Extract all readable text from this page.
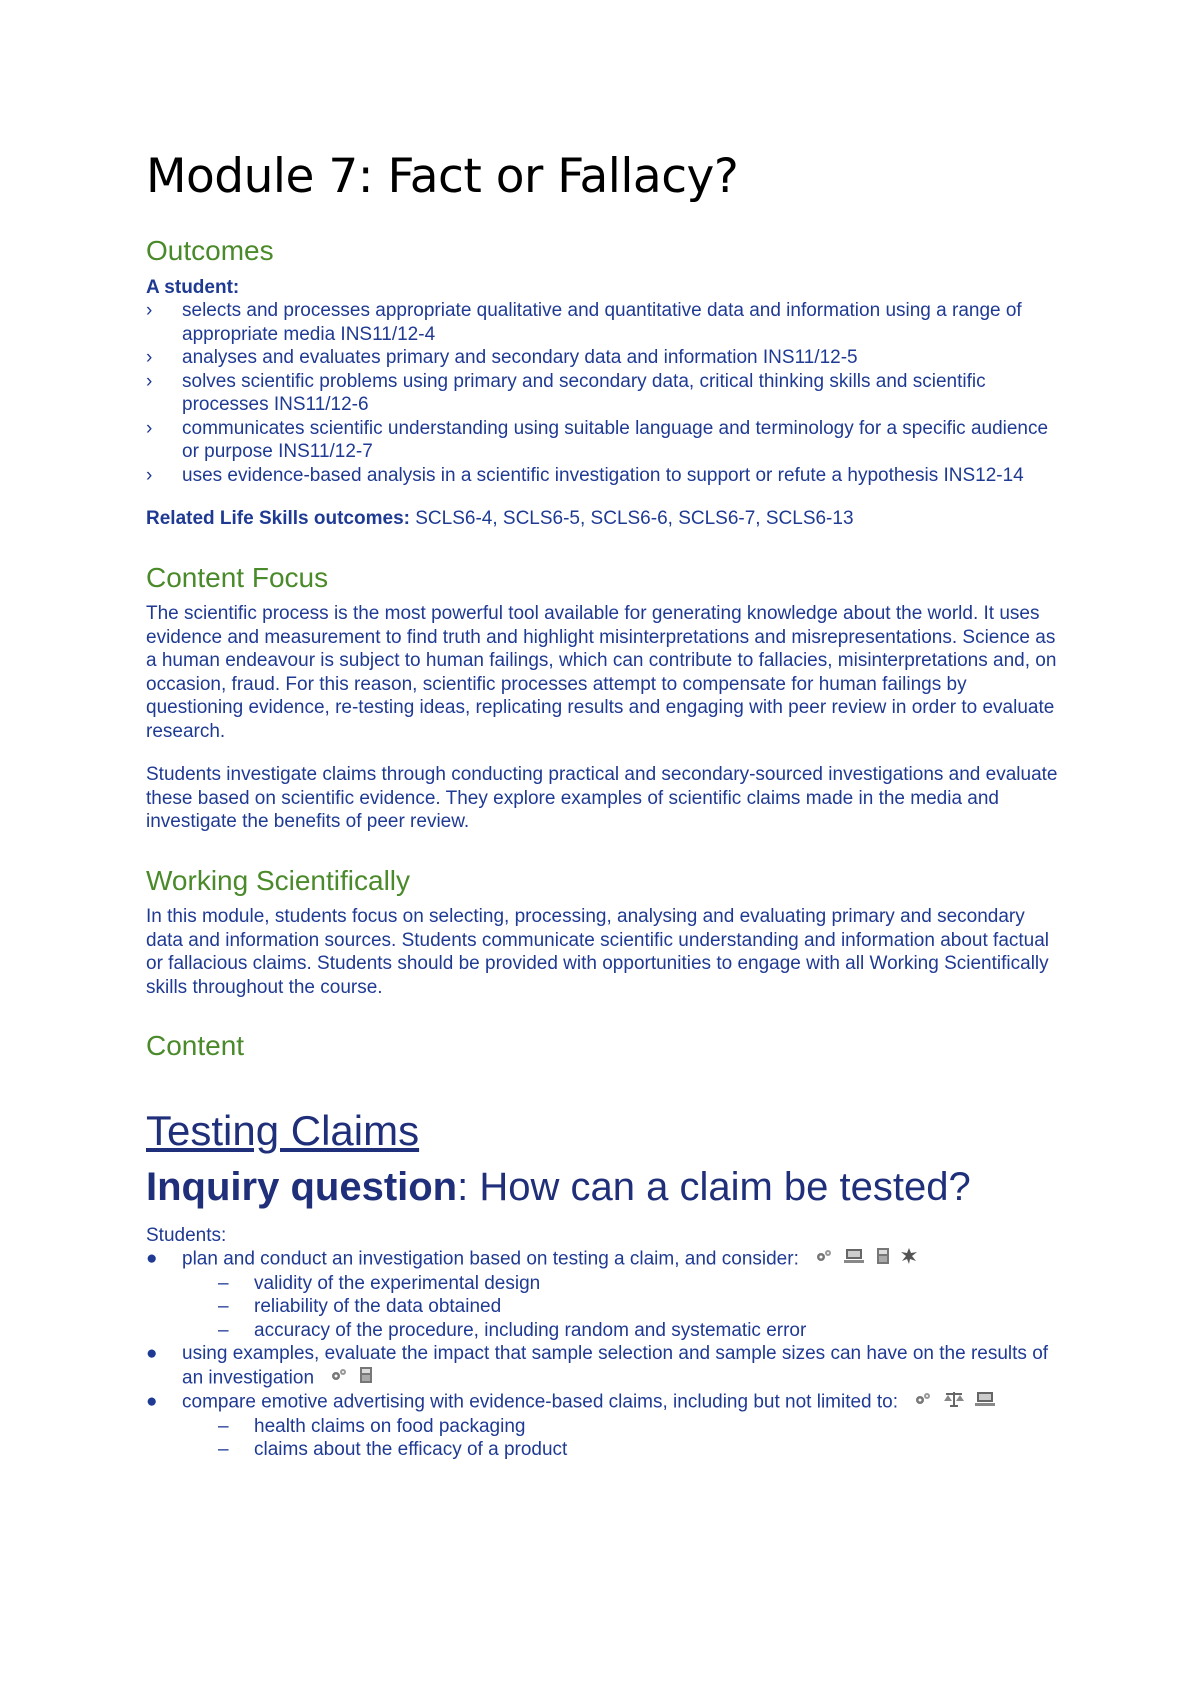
Module 7: Fact or Fallacy?
Outcomes
A student:
›	selects and processes appropriate qualitative and quantitative data and information using a range of appropriate media INS11/12-4
›	analyses and evaluates primary and secondary data and information INS11/12-5
›	solves scientific problems using primary and secondary data, critical thinking skills and scientific processes INS11/12-6
›	communicates scientific understanding using suitable language and terminology for a specific audience or purpose INS11/12-7
›	uses evidence-based analysis in a scientific investigation to support or refute a hypothesis INS12-14
Related Life Skills outcomes: SCLS6-4, SCLS6-5, SCLS6-6, SCLS6-7, SCLS6-13
Content Focus
The scientific process is the most powerful tool available for generating knowledge about the world. It uses evidence and measurement to find truth and highlight misinterpretations and misrepresentations. Science as a human endeavour is subject to human failings, which can contribute to fallacies, misinterpretations and, on occasion, fraud. For this reason, scientific processes attempt to compensate for human failings by questioning evidence, re-testing ideas, replicating results and engaging with peer review in order to evaluate research.
Students investigate claims through conducting practical and secondary-sourced investigations and evaluate these based on scientific evidence. They explore examples of scientific claims made in the media and investigate the benefits of peer review.
Working Scientifically
In this module, students focus on selecting, processing, analysing and evaluating primary and secondary data and information sources. Students communicate scientific understanding and information about factual or fallacious claims. Students should be provided with opportunities to engage with all Working Scientifically skills throughout the course.
Content
Testing Claims
Inquiry question: How can a claim be tested?
Students:
●	plan and conduct an investigation based on testing a claim, and consider:
–	validity of the experimental design
–	reliability of the data obtained
–	accuracy of the procedure, including random and systematic error
●	using examples, evaluate the impact that sample selection and sample sizes can have on the results of an investigation
●	compare emotive advertising with evidence-based claims, including but not limited to:
–	health claims on food packaging
–	claims about the efficacy of a product
